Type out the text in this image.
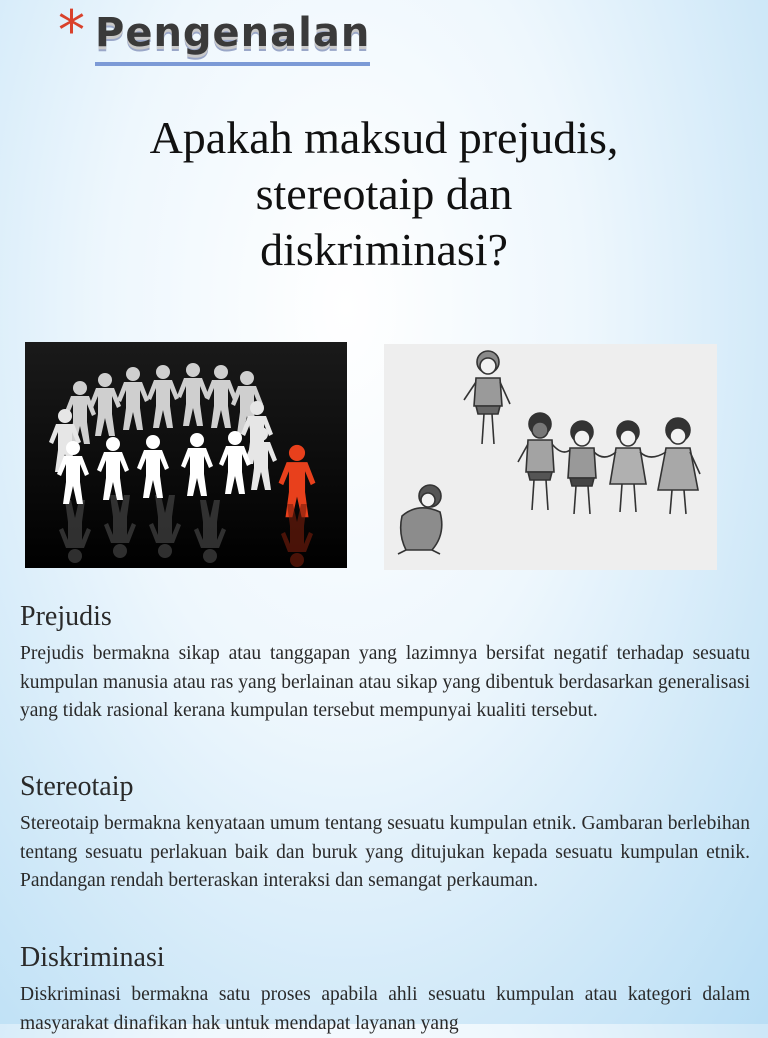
* Pengenalan
Apakah maksud prejudis,
stereotaip dan
diskriminasi?
Prejudis

Prejudis bermakna sikap atau tanggapan yang lazimnya bersifat negatif terhadap sesuatu kumpulan manusia atau ras yang berlainan atau sikap yang dibentuk berdasarkan generalisasi yang tidak rasional kerana kumpulan tersebut mempunyai kualiti tersebut.

Stereotaip

Stereotaip bermakna kenyataan umum tentang sesuatu kumpulan etnik. Gambaran berlebihan tentang sesuatu perlakuan baik dan buruk yang ditujukan kepada sesuatu kumpulan etnik. Pandangan rendah berteraskan interaksi dan semangat perkauman.

Diskriminasi

Diskriminasi bermakna satu proses apabila ahli sesuatu kumpulan atau kategori dalam masyarakat dinafikan hak untuk mendapat layanan yang
